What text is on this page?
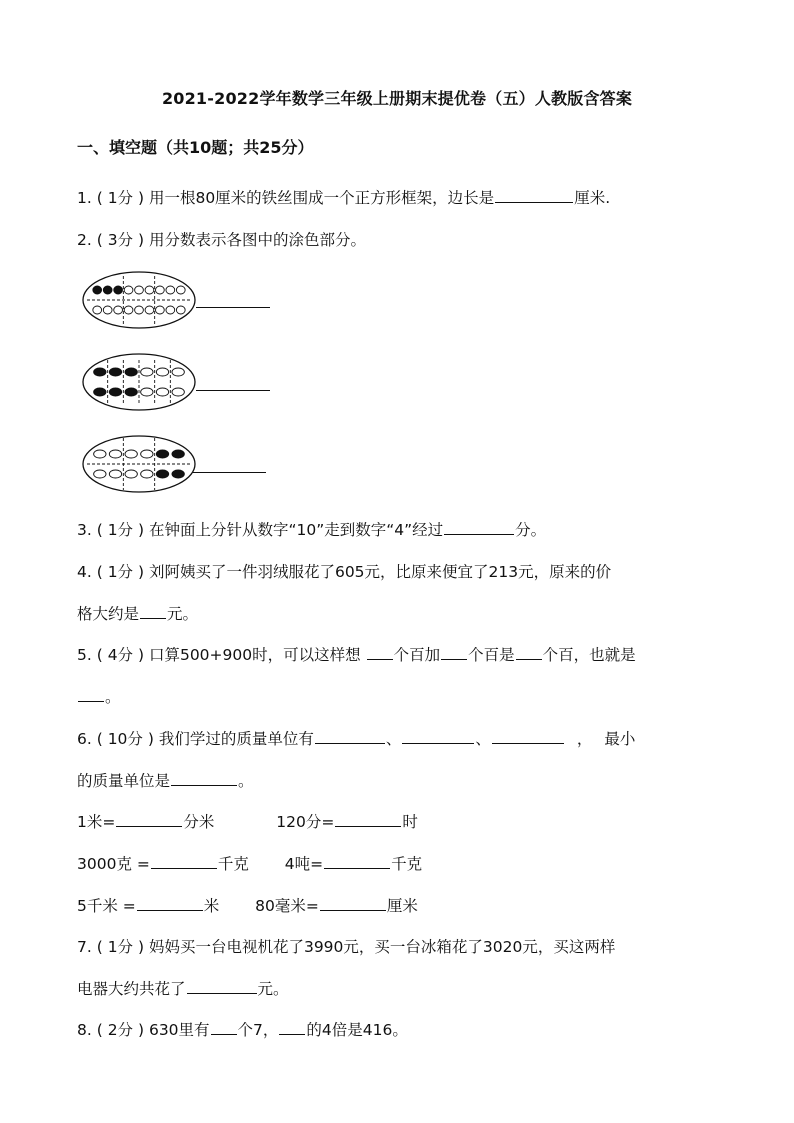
2021-2022学年数学三年级上册期末提优卷（五）人教版含答案
一、填空题（共10题；共25分）
1. ( 1分 ) 用一根80厘米的铁丝围成一个正方形框架，边长是	厘米.
2. ( 3分 ) 用分数表示各图中的涂色部分。
3. ( 1分 ) 在钟面上分针从数字“10”走到数字“4”经过	分。
4. ( 1分 ) 刘阿姨买了一件羽绒服花了605元，比原来便宜了213元，原来的价
格大约是 元。
5. ( 4分 ) 口算500+900时，可以这样想 个百加 个百是 个百，也就是
。
6. ( 10分 ) 我们学过的质量单位有	、	、	， 最小
的质量单位是	。
1米=	分米	120分=	时
3000克 =	千克 4吨=	千克
5千米 =	米 80毫米=	厘米
7. ( 1分 ) 妈妈买一台电视机花了3990元，买一台冰箱花了3020元，买这两样
电器大约共花了	元。
8. ( 2分 ) 630里有 个7， 的4倍是416。
